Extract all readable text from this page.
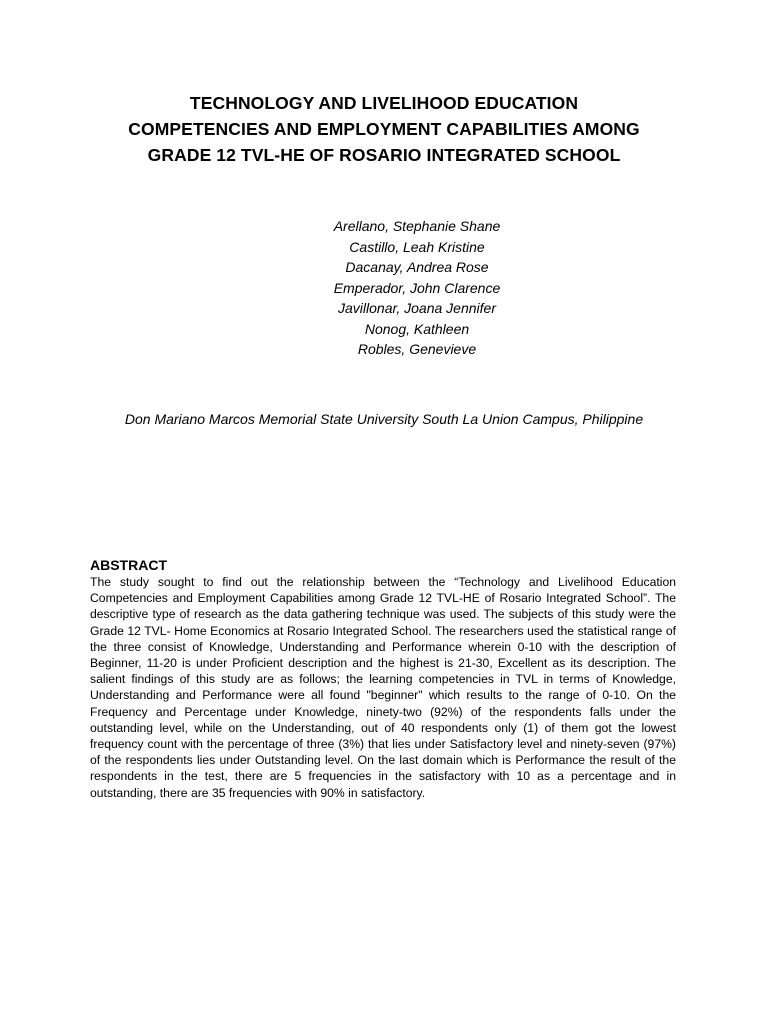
TECHNOLOGY AND LIVELIHOOD EDUCATION
COMPETENCIES AND EMPLOYMENT CAPABILITIES AMONG
GRADE 12 TVL-HE OF ROSARIO INTEGRATED SCHOOL
Arellano, Stephanie Shane
Castillo, Leah Kristine
Dacanay, Andrea Rose
Emperador, John Clarence
Javillonar, Joana Jennifer
Nonog, Kathleen
Robles, Genevieve

Don Mariano Marcos Memorial State University South La Union Campus, Philippine

ABSTRACT

The study sought to find out the relationship between the “Technology and Livelihood Education Competencies and Employment Capabilities among Grade 12 TVL-HE of Rosario Integrated School”. The descriptive type of research as the data gathering technique was used. The subjects of this study were the Grade 12 TVL- Home Economics at Rosario Integrated School. The researchers used the statistical range of the three consist of Knowledge, Understanding and Performance wherein 0-10 with the description of Beginner, 11-20 is under Proficient description and the highest is 21-30, Excellent as its description. The salient findings of this study are as follows; the learning competencies in TVL in terms of Knowledge, Understanding and Performance were all found "beginner" which results to the range of 0-10. On the Frequency and Percentage under Knowledge, ninety-two (92%) of the respondents falls under the outstanding level, while on the Understanding, out of 40 respondents only (1) of them got the lowest frequency count with the percentage of three (3%) that lies under Satisfactory level and ninety-seven (97%) of the respondents lies under Outstanding level. On the last domain which is Performance the result of the respondents in the test, there are 5 frequencies in the satisfactory with 10 as a percentage and in outstanding, there are 35 frequencies with 90% in satisfactory.
